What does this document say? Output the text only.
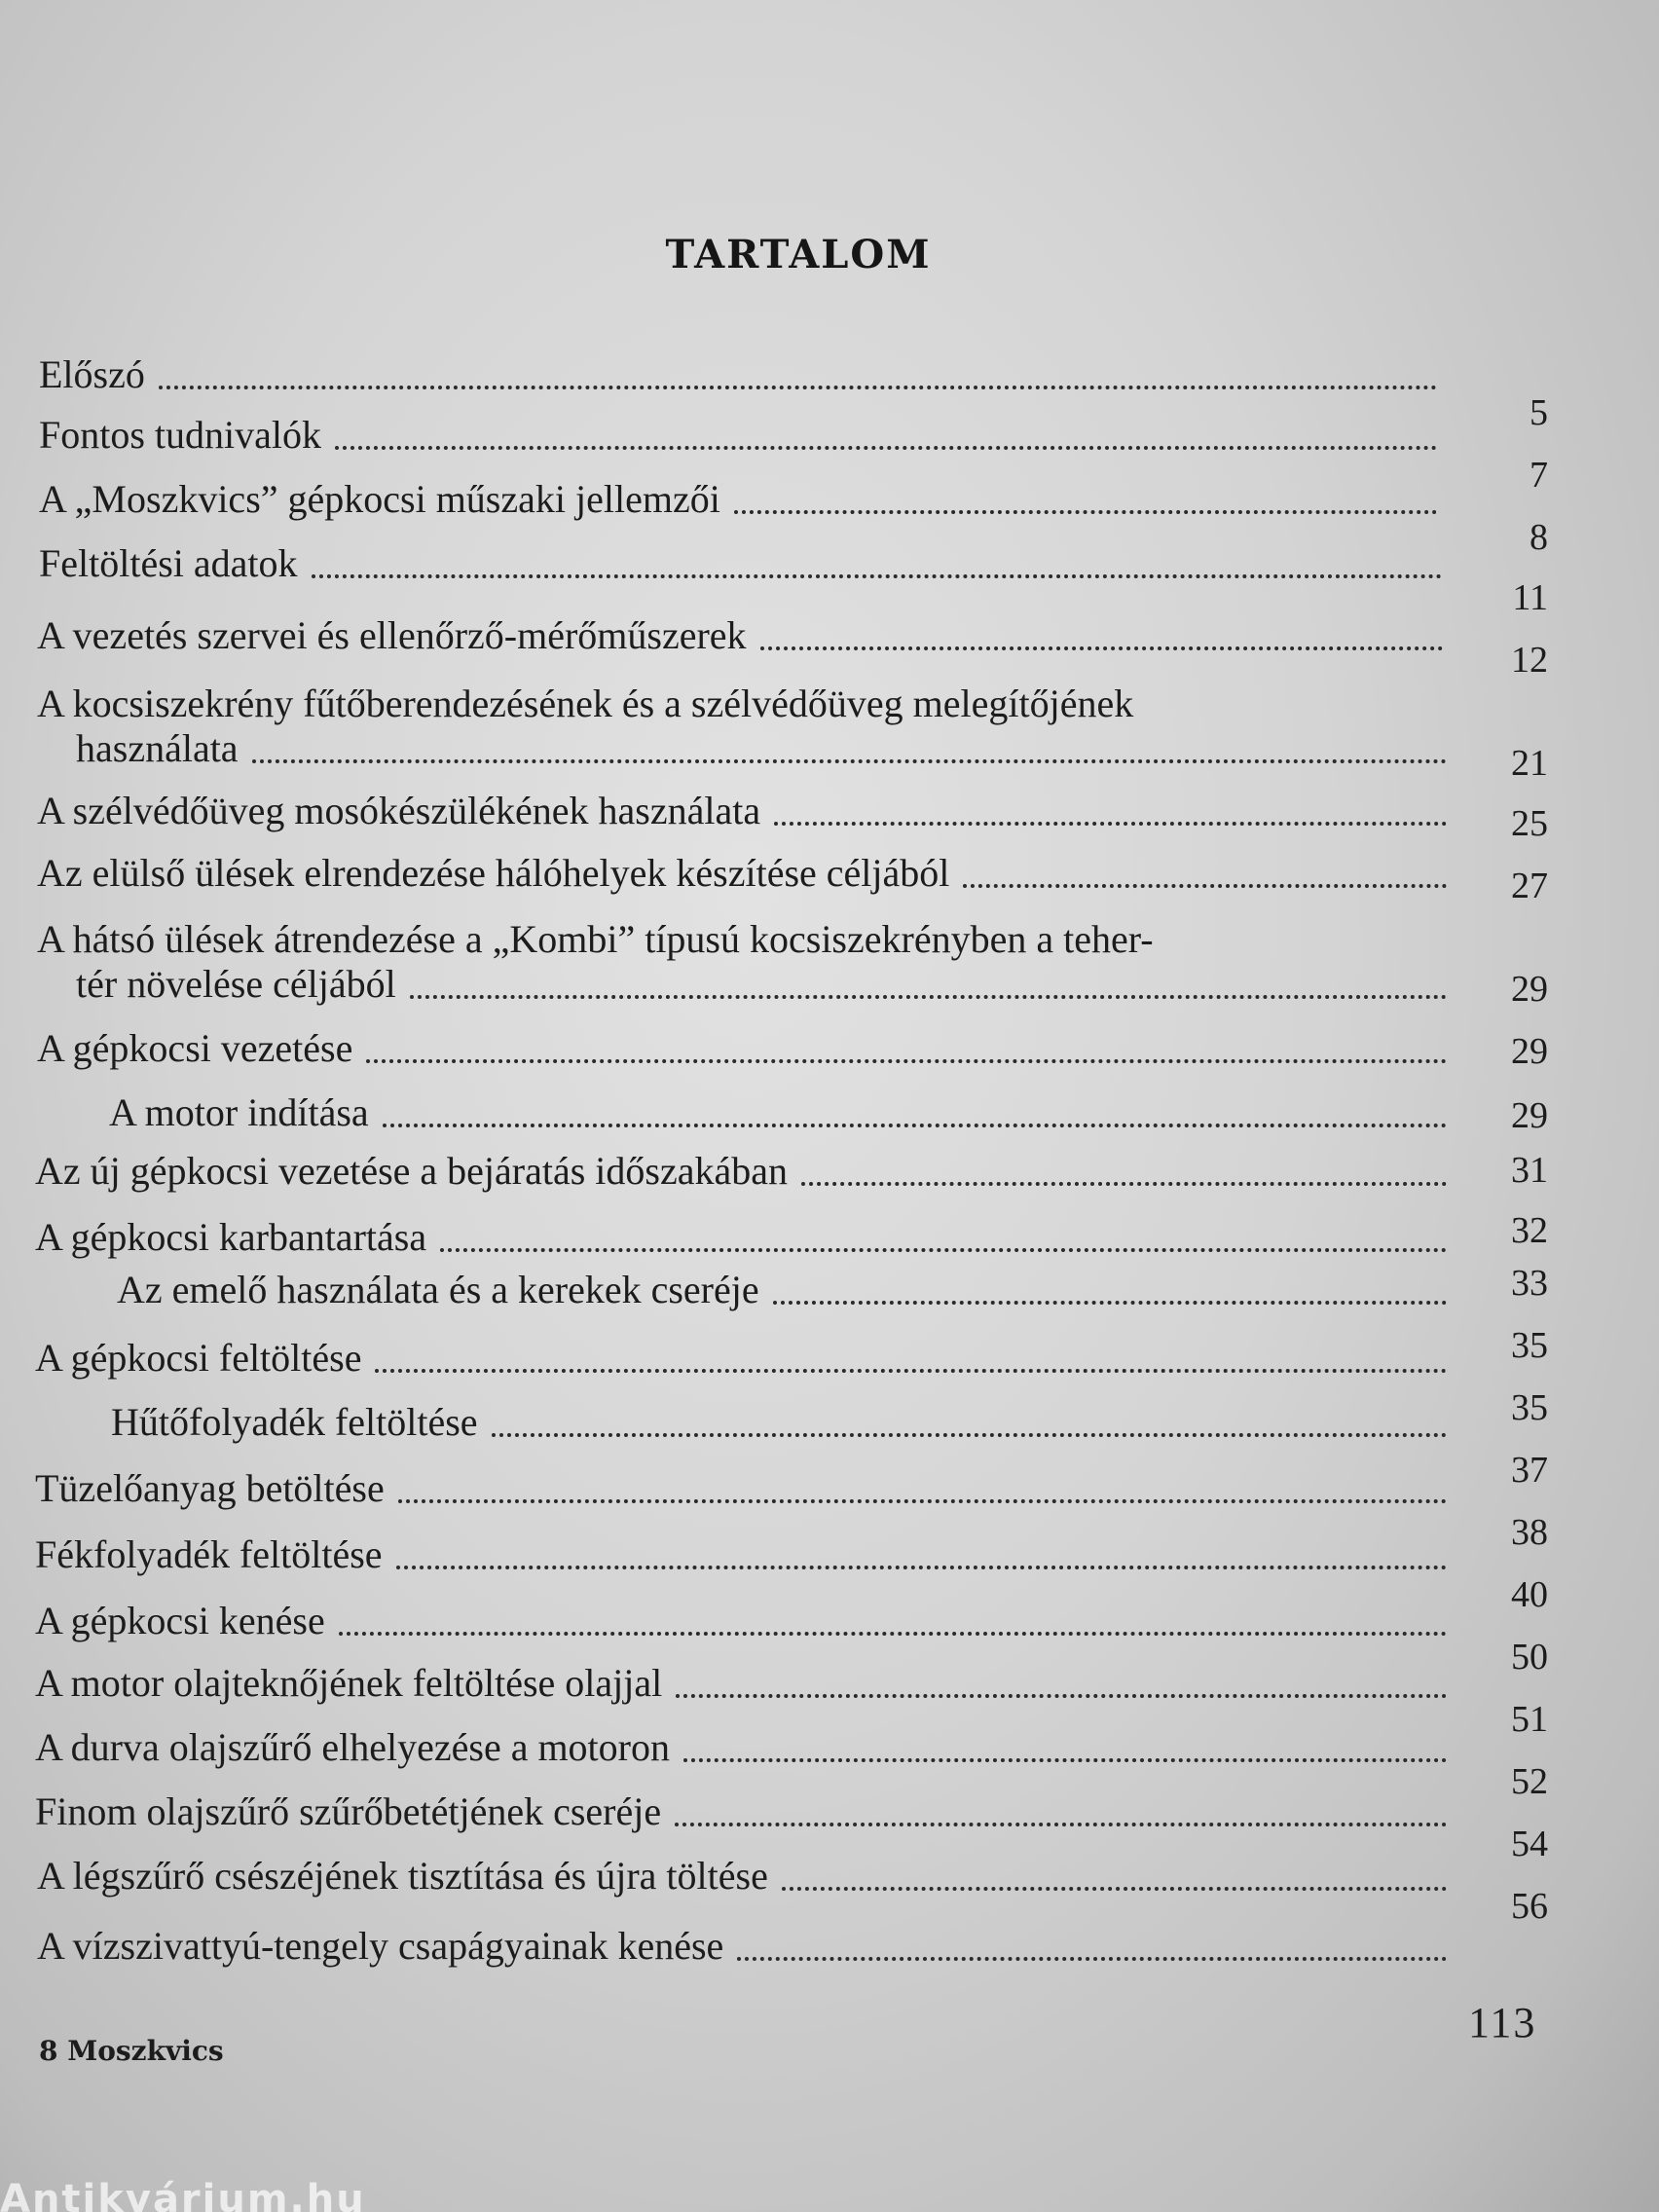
TARTALOM
Előszó
Fontos tudnivalók
A „Moszkvics” gépkocsi műszaki jellemzői
Feltöltési adatok
A vezetés szervei és ellenőrző-mérőműszerek
A kocsiszekrény fűtőberendezésének és a szélvédőüveg melegítőjének
használata
A szélvédőüveg mosókészülékének használata
Az elülső ülések elrendezése hálóhelyek készítése céljából
A hátsó ülések átrendezése a „Kombi” típusú kocsiszekrényben a teher-
tér növelése céljából
A gépkocsi vezetése
A motor indítása
Az új gépkocsi vezetése a bejáratás időszakában
A gépkocsi karbantartása
Az emelő használata és a kerekek cseréje
A gépkocsi feltöltése
Hűtőfolyadék feltöltése
Tüzelőanyag betöltése
Fékfolyadék feltöltése
A gépkocsi kenése
A motor olajteknőjének feltöltése olajjal
A durva olajszűrő elhelyezése a motoron
Finom olajszűrő szűrőbetétjének cseréje
A légszűrő csészéjének tisztítása és újra töltése
A vízszivattyú-tengely csapágyainak kenése
5
7
8
11
12
21
25
27
29
29
29
31
32
33
35
35
37
38
40
50
51
52
54
56
8 Moszkvics
113
Antikvárium.hu
